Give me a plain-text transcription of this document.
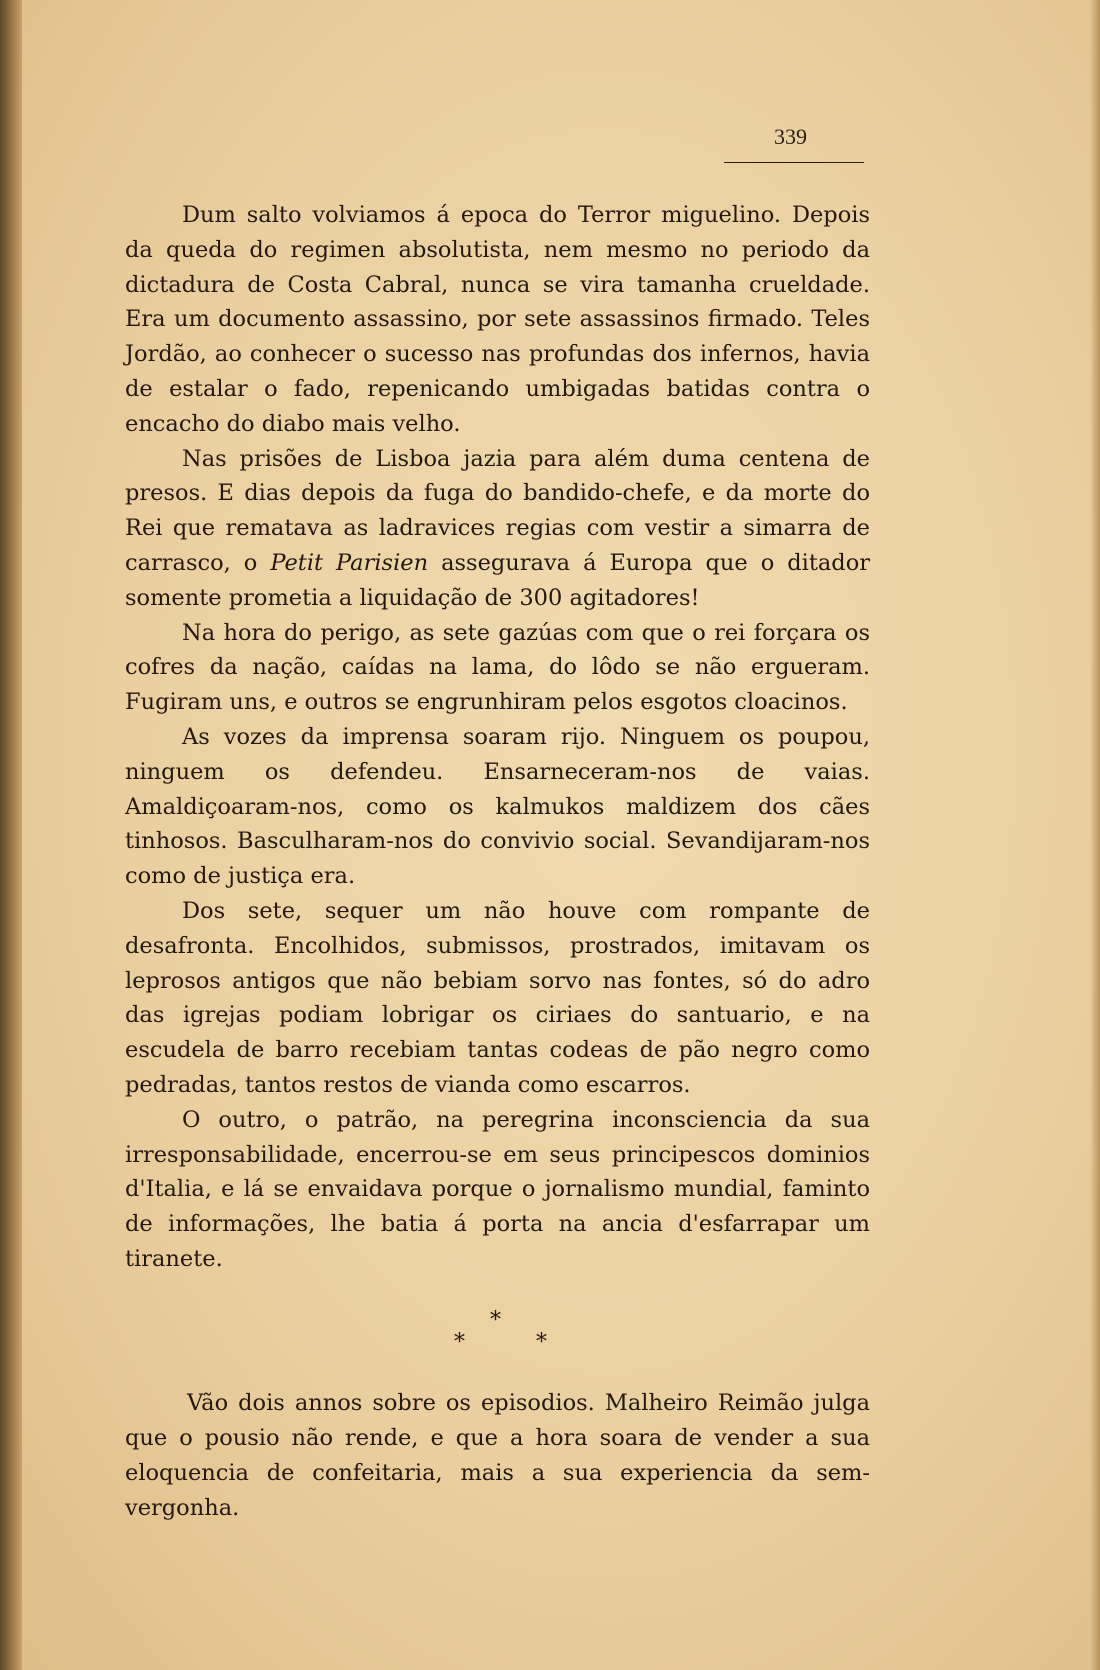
339

Dum salto volviamos á epoca do Terror miguelino. Depois da queda do regimen absolutista, nem mesmo no periodo da dictadura de Costa Cabral, nunca se vira tamanha crueldade. Era um documento assassino, por sete assassinos firmado. Teles Jordão, ao conhecer o sucesso nas profundas dos infernos, havia de estalar o fado, repenicando umbigadas batidas contra o encacho do diabo mais velho.

Nas prisões de Lisboa jazia para além duma centena de presos. E dias depois da fuga do bandido-chefe, e da morte do Rei que rematava as ladravices regias com vestir a simarra de carrasco, o Petit Parisien assegurava á Europa que o ditador somente prometia a liquidação de 300 agitadores!

Na hora do perigo, as sete gazúas com que o rei forçara os cofres da nação, caídas na lama, do lôdo se não ergueram. Fugiram uns, e outros se engrunhiram pelos esgotos cloacinos.

As vozes da imprensa soaram rijo. Ninguem os poupou, ninguem os defendeu. Ensarneceram-nos de vaias. Amaldiçoaram-nos, como os kalmukos maldizem dos cães tinhosos. Basculharam-nos do convivio social. Sevandijaram-nos como de justiça era.

Dos sete, sequer um não houve com rompante de desafronta. Encolhidos, submissos, prostrados, imitavam os leprosos antigos que não bebiam sorvo nas fontes, só do adro das igrejas podiam lobrigar os ciriaes do santuario, e na escudela de barro recebiam tantas codeas de pão negro como pedradas, tantos restos de vianda como escarros.

O outro, o patrão, na peregrina inconsciencia da sua irresponsabilidade, encerrou-se em seus principescos dominios d'Italia, e lá se envaidava porque o jornalismo mundial, faminto de informações, lhe batia á porta na ancia d'esfarrapar um tiranete.

*
*	*

Vão dois annos sobre os episodios. Malheiro Reimão julga que o pousio não rende, e que a hora soara de vender a sua eloquencia de confeitaria, mais a sua experiencia da sem-vergonha.
